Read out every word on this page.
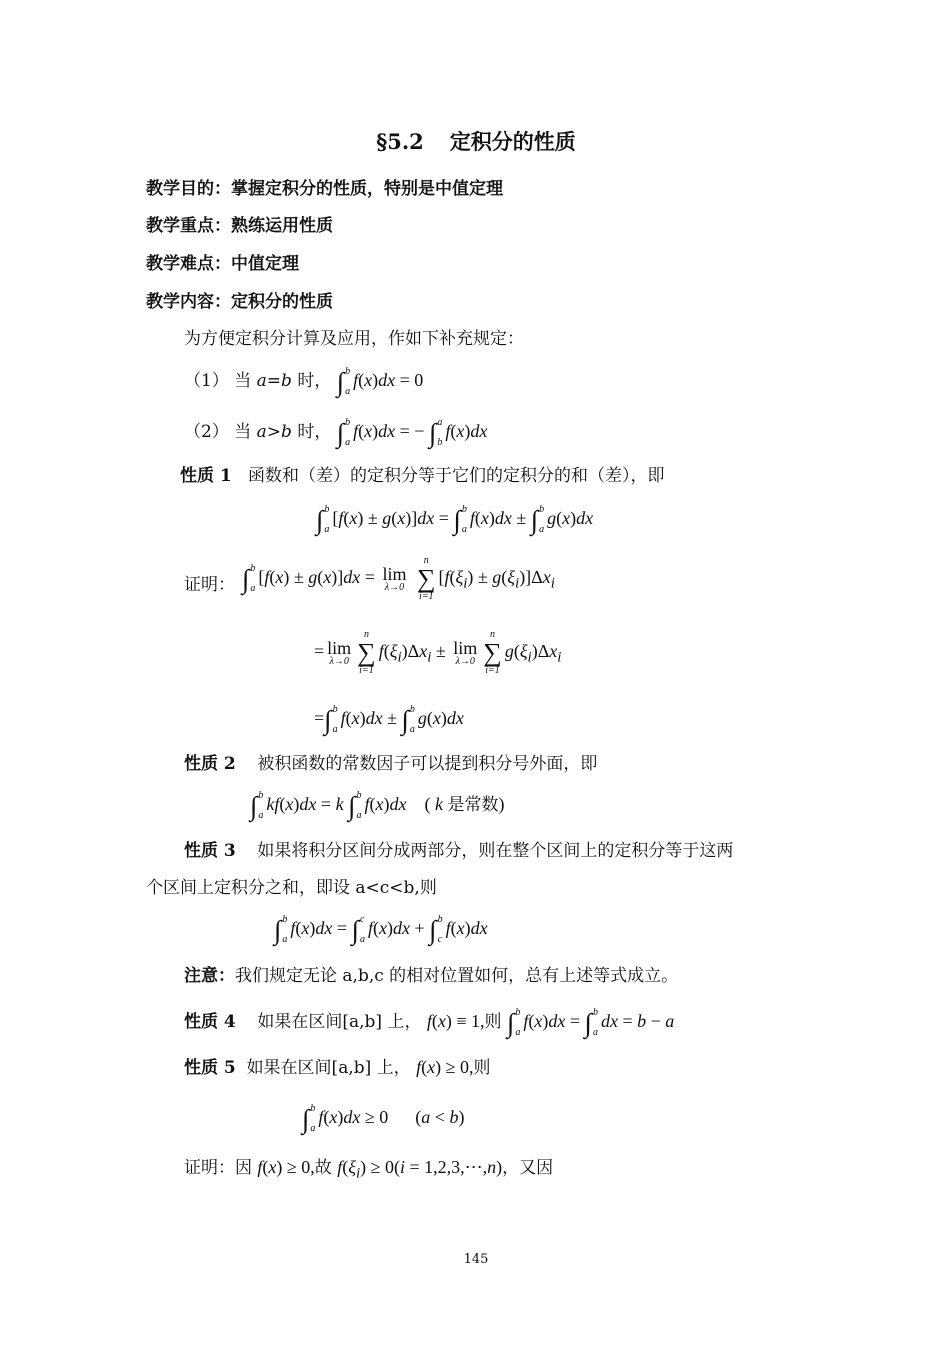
§5.2 定积分的性质
教学目的：掌握定积分的性质，特别是中值定理
教学重点：熟练运用性质
教学难点：中值定理
教学内容：定积分的性质
为方便定积分计算及应用，作如下补充规定：
（1） 当 a=b 时， ∫ b
a
f(x)dx = 0
（2） 当 a>b 时， ∫ b
a
f(x)dx = − ∫ a
b
f(x)dx
性质 1 函数和（差）的定积分等于它们的定积分的和（差），即
∫ b
a
[f(x) ± g(x)]dx = ∫ b
a
f(x)dx ± ∫ b
a
g(x)dx
证明： ∫ b
a
[f(x) ± g(x)]dx = lim
λ→0

n
∑
i=1
$[f(\xi_i) \pm g(\xi_i)]\Delta x_i$
= lim
λ→0
n
∑
i=1
$f(\xi_i)\Delta x_i \pm \lim$
λ→0
n
∑
i=1
$g(\xi_i)\Delta x_i$
=∫ b
a
f(x)dx ± ∫ b
a
g(x)dx
性质 2 被积函数的常数因子可以提到积分号外面，即
∫ b
a
kf(x)dx = k ∫ b
a
f(x)dx    ( k 是常数)
性质 3 如果将积分区间分成两部分，则在整个区间上的定积分等于这两
个区间上定积分之和，即设 a<c<b,则
∫ b
a
f(x)dx = ∫ c
a
f(x)dx + ∫ b
c
f(x)dx
注意：我们规定无论 a,b,c 的相对位置如何，总有上述等式成立。
性质 4 如果在区间[a,b] 上， f(x) ≡ 1,则 ∫ b
a
f(x)dx = ∫ b
a
dx = b − a
性质 5 如果在区间[a,b] 上， f(x) ≥ 0,则
∫ b
a
f(x)dx ≥ 0      (a < b)
证明：因 f(x) ≥ 0,故 $f(\xi_i) \ge 0(i$ = 1,2,3,⋯,n)，又因
145
